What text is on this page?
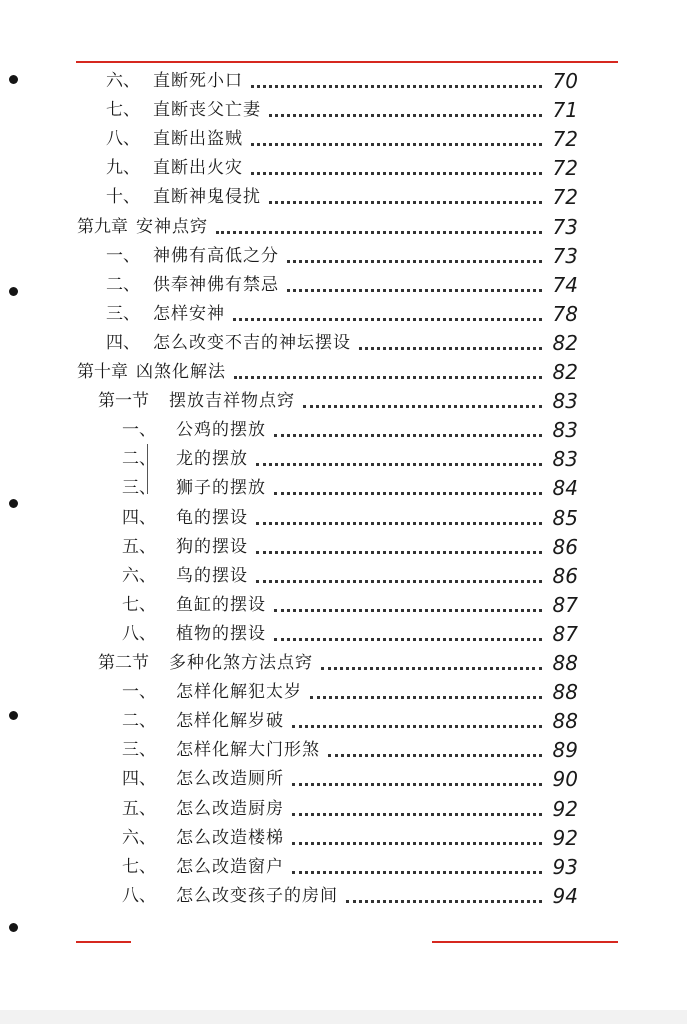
六、 直断死小口	70
七、 直断丧父亡妻	71
八、 直断出盗贼	72
九、 直断出火灾	72
十、 直断神鬼侵扰	72
第九章 安神点窍	73
一、 神佛有高低之分	73
二、 供奉神佛有禁忌	74
三、 怎样安神	78
四、 怎么改变不吉的神坛摆设	82
第十章 凶煞化解法	82
第一节 摆放吉祥物点窍	83
一、	公鸡的摆放	83
二、	龙的摆放	83
三、	狮子的摆放	84
四、	龟的摆设	85
五、	狗的摆设	86
六、	鸟的摆设	86
七、	鱼缸的摆设	87
八、	植物的摆设	87
第二节 多种化煞方法点窍	88
一、	怎样化解犯太岁	88
二、	怎样化解岁破	88
三、	怎样化解大门形煞	89
四、	怎么改造厕所	90
五、	怎么改造厨房	92
六、	怎么改造楼梯	92
七、	怎么改造窗户	93
八、	怎么改变孩子的房间	94
